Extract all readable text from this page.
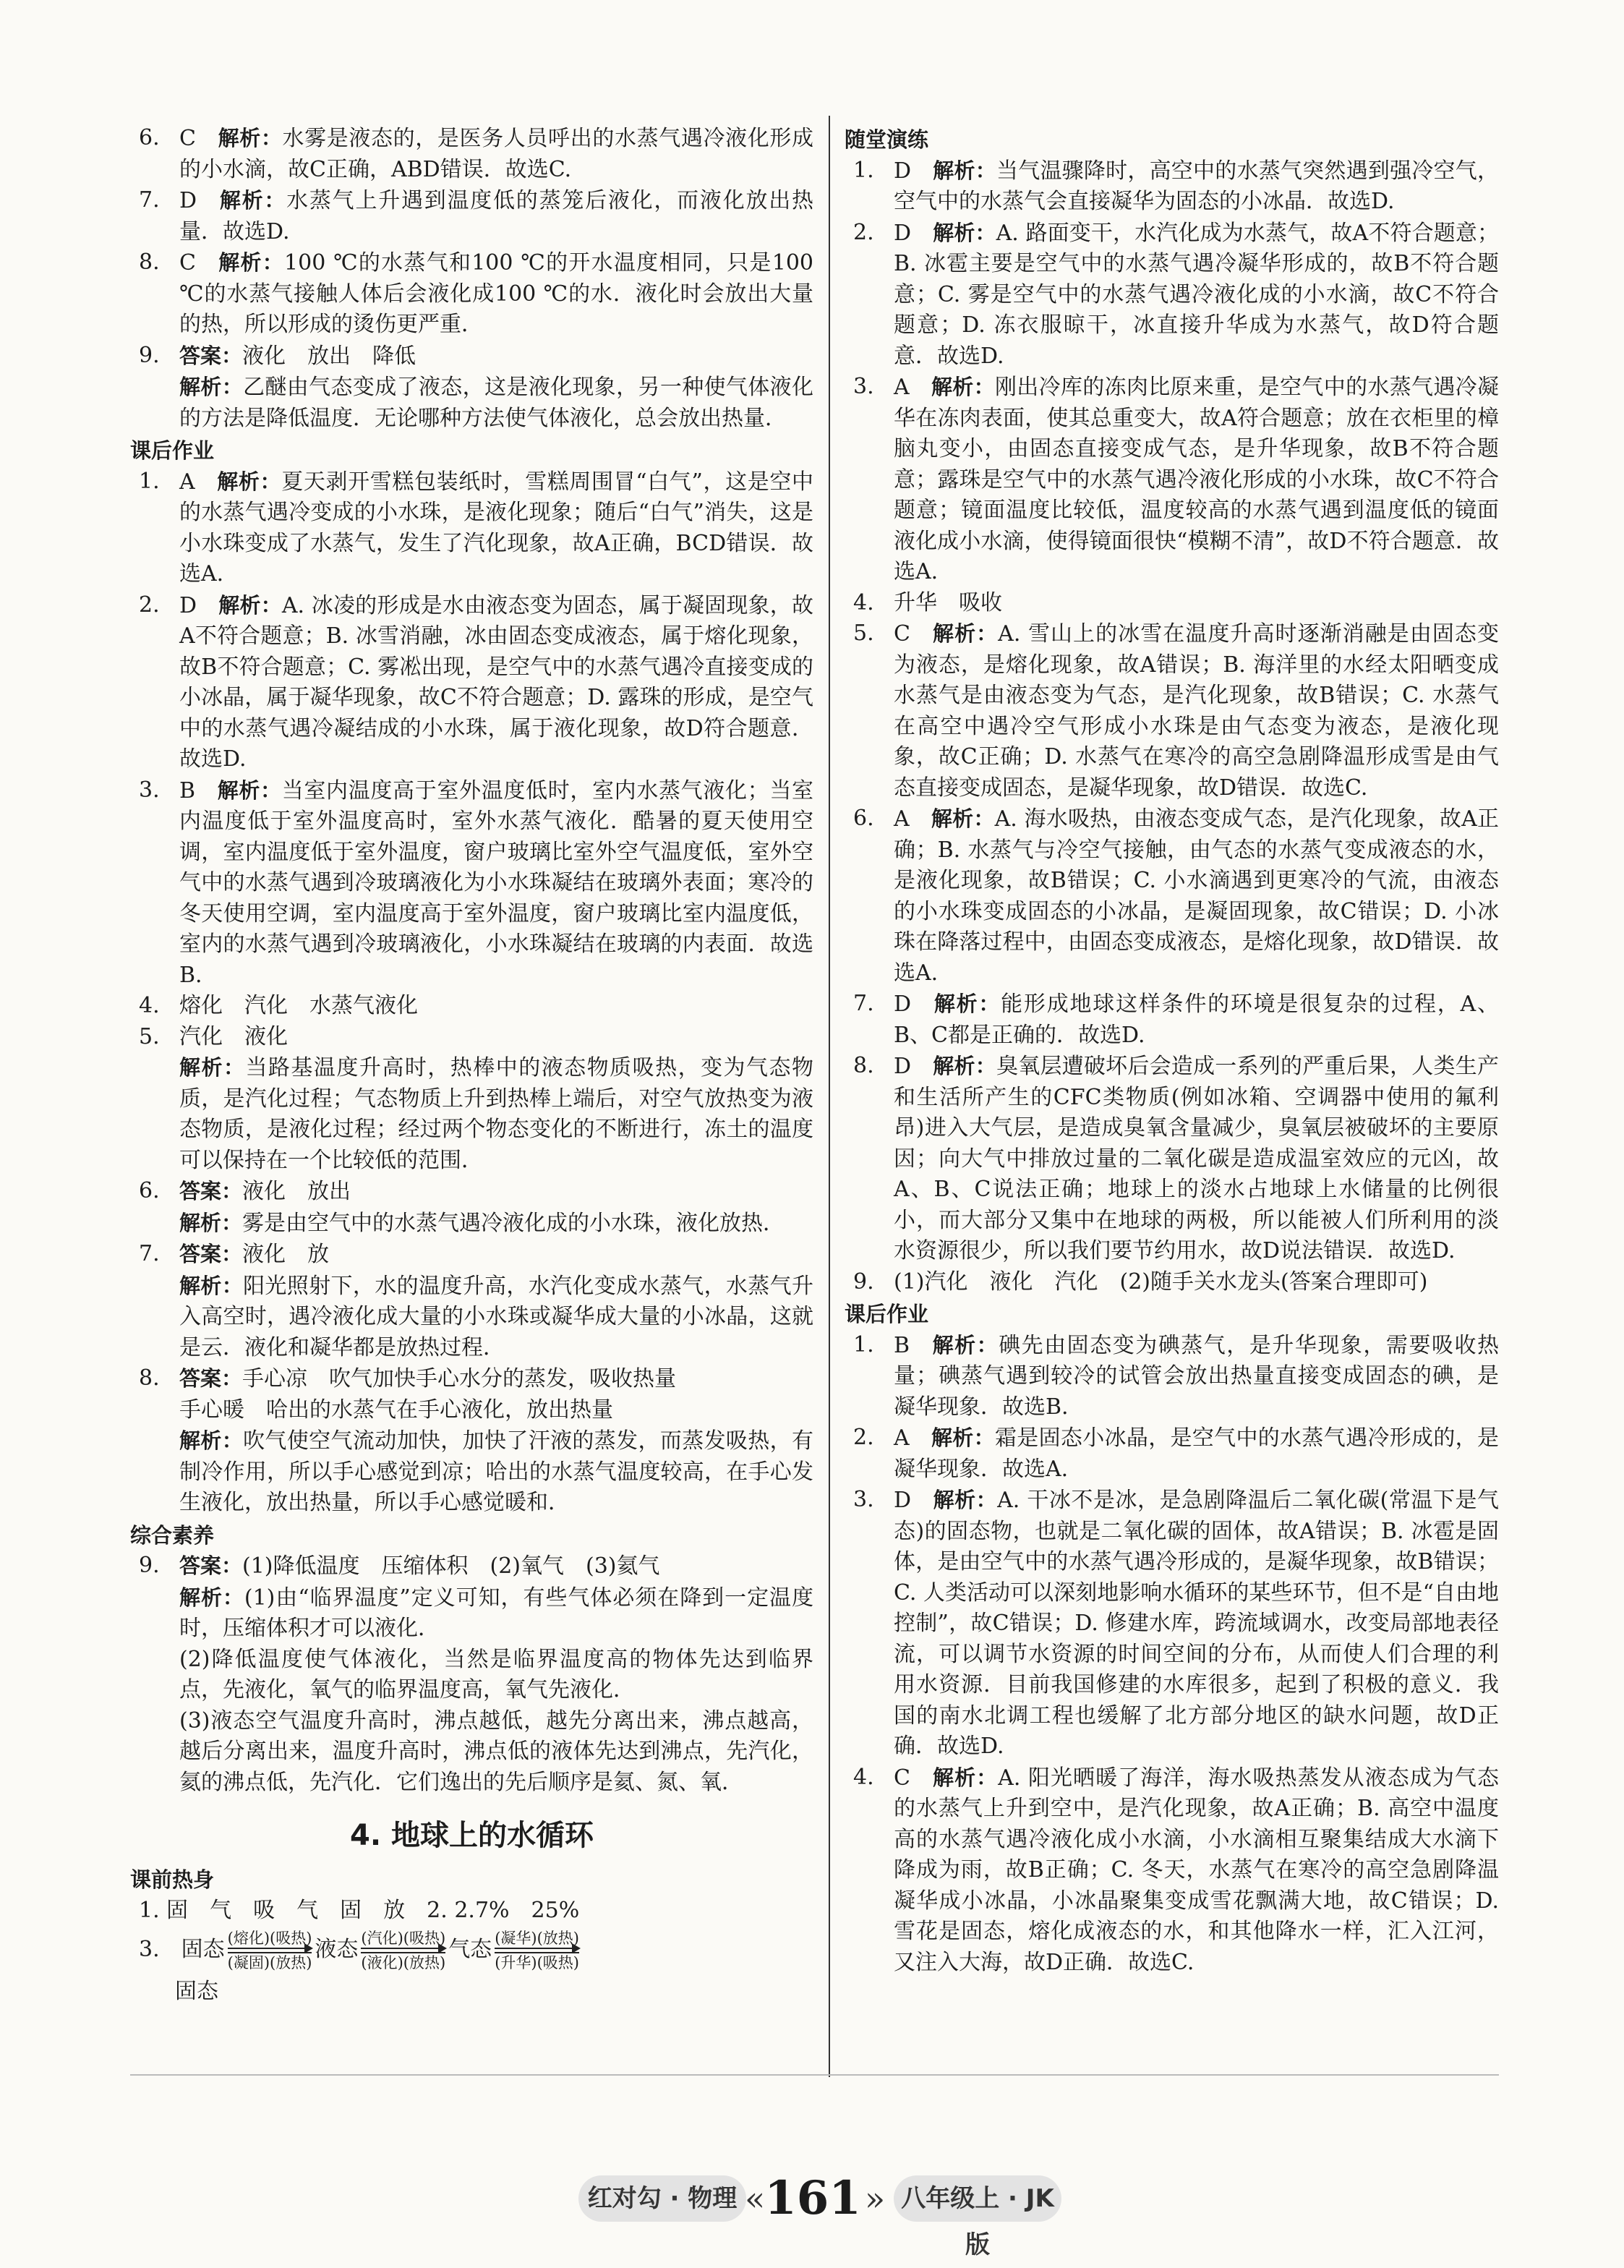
6. C 解析：水雾是液态的，是医务人员呼出的水蒸气遇冷液化形成的小水滴，故C正确，ABD错误．故选C.
7. D 解析：水蒸气上升遇到温度低的蒸笼后液化，而液化放出热量．故选D.
8. C 解析：100 ℃的水蒸气和100 ℃的开水温度相同，只是100 ℃的水蒸气接触人体后会液化成100 ℃的水．液化时会放出大量的热，所以形成的烫伤更严重．
9. 答案：液化　放出　降低
解析：乙醚由气态变成了液态，这是液化现象，另一种使气体液化的方法是降低温度．无论哪种方法使气体液化，总会放出热量．
课后作业
1. A 解析：夏天剥开雪糕包装纸时，雪糕周围冒“白气”，这是空中的水蒸气遇冷变成的小水珠，是液化现象；随后“白气”消失，这是小水珠变成了水蒸气，发生了汽化现象，故A正确，BCD错误．故选A.
2. D 解析：A. 冰凌的形成是水由液态变为固态，属于凝固现象，故A不符合题意；B. 冰雪消融，冰由固态变成液态，属于熔化现象，故B不符合题意；C. 雾凇出现，是空气中的水蒸气遇冷直接变成的小冰晶，属于凝华现象，故C不符合题意；D. 露珠的形成，是空气中的水蒸气遇冷凝结成的小水珠，属于液化现象，故D符合题意．故选D.
3. B 解析：当室内温度高于室外温度低时，室内水蒸气液化；当室内温度低于室外温度高时，室外水蒸气液化．酷暑的夏天使用空调，室内温度低于室外温度，窗户玻璃比室外空气温度低，室外空气中的水蒸气遇到冷玻璃液化为小水珠凝结在玻璃外表面；寒冷的冬天使用空调，室内温度高于室外温度，窗户玻璃比室内温度低，室内的水蒸气遇到冷玻璃液化，小水珠凝结在玻璃的内表面．故选B.
4. 熔化　汽化　水蒸气液化
5. 汽化　液化
解析：当路基温度升高时，热棒中的液态物质吸热，变为气态物质，是汽化过程；气态物质上升到热棒上端后，对空气放热变为液态物质，是液化过程；经过两个物态变化的不断进行，冻土的温度可以保持在一个比较低的范围．
6. 答案：液化　放出
解析：雾是由空气中的水蒸气遇冷液化成的小水珠，液化放热．
7. 答案：液化　放
解析：阳光照射下，水的温度升高，水汽化变成水蒸气，水蒸气升入高空时，遇冷液化成大量的小水珠或凝华成大量的小冰晶，这就是云．液化和凝华都是放热过程．
8. 答案：手心凉　吹气加快手心水分的蒸发，吸收热量
手心暖　哈出的水蒸气在手心液化，放出热量
解析：吹气使空气流动加快，加快了汗液的蒸发，而蒸发吸热，有制冷作用，所以手心感觉到凉；哈出的水蒸气温度较高，在手心发生液化，放出热量，所以手心感觉暖和．
综合素养
9. 答案：(1)降低温度　压缩体积　(2)氧气　(3)氦气
解析：(1)由“临界温度”定义可知，有些气体必须在降到一定温度时，压缩体积才可以液化．
(2)降低温度使气体液化，当然是临界温度高的物体先达到临界点，先液化，氧气的临界温度高，氧气先液化．
(3)液态空气温度升高时，沸点越低，越先分离出来，沸点越高，越后分离出来，温度升高时，沸点低的液体先达到沸点，先汽化，氦的沸点低，先汽化．它们逸出的先后顺序是氦、氮、氧．
4. 地球上的水循环
课前热身
1. 固　气　吸　气　固　放　2. 2.7%　25%
3. 固态 (熔化)(吸热)
(凝固)(放热)
液态 (汽化)(吸热)
(液化)(放热)
气态 (凝华)(放热)
(升华)(吸热)
固态
随堂演练
1. D 解析：当气温骤降时，高空中的水蒸气突然遇到强冷空气，空气中的水蒸气会直接凝华为固态的小冰晶．故选D.
2. D 解析：A. 路面变干，水汽化成为水蒸气，故A不符合题意；B. 冰雹主要是空气中的水蒸气遇冷凝华形成的，故B不符合题意；C. 雾是空气中的水蒸气遇冷液化成的小水滴，故C不符合题意；D. 冻衣服晾干，冰直接升华成为水蒸气，故D符合题意．故选D.
3. A 解析：刚出冷库的冻肉比原来重，是空气中的水蒸气遇冷凝华在冻肉表面，使其总重变大，故A符合题意；放在衣柜里的樟脑丸变小，由固态直接变成气态，是升华现象，故B不符合题意；露珠是空气中的水蒸气遇冷液化形成的小水珠，故C不符合题意；镜面温度比较低，温度较高的水蒸气遇到温度低的镜面液化成小水滴，使得镜面很快“模糊不清”，故D不符合题意．故选A.
4. 升华　吸收
5. C 解析：A. 雪山上的冰雪在温度升高时逐渐消融是由固态变为液态，是熔化现象，故A错误；B. 海洋里的水经太阳晒变成水蒸气是由液态变为气态，是汽化现象，故B错误；C. 水蒸气在高空中遇冷空气形成小水珠是由气态变为液态，是液化现象，故C正确；D. 水蒸气在寒冷的高空急剧降温形成雪是由气态直接变成固态，是凝华现象，故D错误．故选C.
6. A 解析：A. 海水吸热，由液态变成气态，是汽化现象，故A正确；B. 水蒸气与冷空气接触，由气态的水蒸气变成液态的水，是液化现象，故B错误；C. 小水滴遇到更寒冷的气流，由液态的小水珠变成固态的小冰晶，是凝固现象，故C错误；D. 小冰珠在降落过程中，由固态变成液态，是熔化现象，故D错误．故选A.
7. D 解析：能形成地球这样条件的环境是很复杂的过程，A、B、C都是正确的．故选D.
8. D 解析：臭氧层遭破坏后会造成一系列的严重后果，人类生产和生活所产生的CFC类物质(例如冰箱、空调器中使用的氟利昂)进入大气层，是造成臭氧含量减少，臭氧层被破坏的主要原因；向大气中排放过量的二氧化碳是造成温室效应的元凶，故A、B、C说法正确；地球上的淡水占地球上水储量的比例很小，而大部分又集中在地球的两极，所以能被人们所利用的淡水资源很少，所以我们要节约用水，故D说法错误．故选D.
9. (1)汽化　液化　汽化　(2)随手关水龙头(答案合理即可)
课后作业
1. B 解析：碘先由固态变为碘蒸气，是升华现象，需要吸收热量；碘蒸气遇到较冷的试管会放出热量直接变成固态的碘，是凝华现象．故选B.
2. A 解析：霜是固态小冰晶，是空气中的水蒸气遇冷形成的，是凝华现象．故选A.
3. D 解析：A. 干冰不是冰，是急剧降温后二氧化碳(常温下是气态)的固态物，也就是二氧化碳的固体，故A错误；B. 冰雹是固体，是由空气中的水蒸气遇冷形成的，是凝华现象，故B错误；C. 人类活动可以深刻地影响水循环的某些环节，但不是“自由地控制”，故C错误；D. 修建水库，跨流域调水，改变局部地表径流，可以调节水资源的时间空间的分布，从而使人们合理的利用水资源．目前我国修建的水库很多，起到了积极的意义．我国的南水北调工程也缓解了北方部分地区的缺水问题，故D正确．故选D.
4. C 解析：A. 阳光晒暖了海洋，海水吸热蒸发从液态成为气态的水蒸气上升到空中，是汽化现象，故A正确；B. 高空中温度高的水蒸气遇冷液化成小水滴，小水滴相互聚集结成大水滴下降成为雨，故B正确；C. 冬天，水蒸气在寒冷的高空急剧降温凝华成小冰晶，小冰晶聚集变成雪花飘满大地，故C错误；D. 雪花是固态，熔化成液态的水，和其他降水一样，汇入江河，又注入大海，故D正确．故选C.
红对勾 · 物理 « 161 » 八年级上 · JK版
